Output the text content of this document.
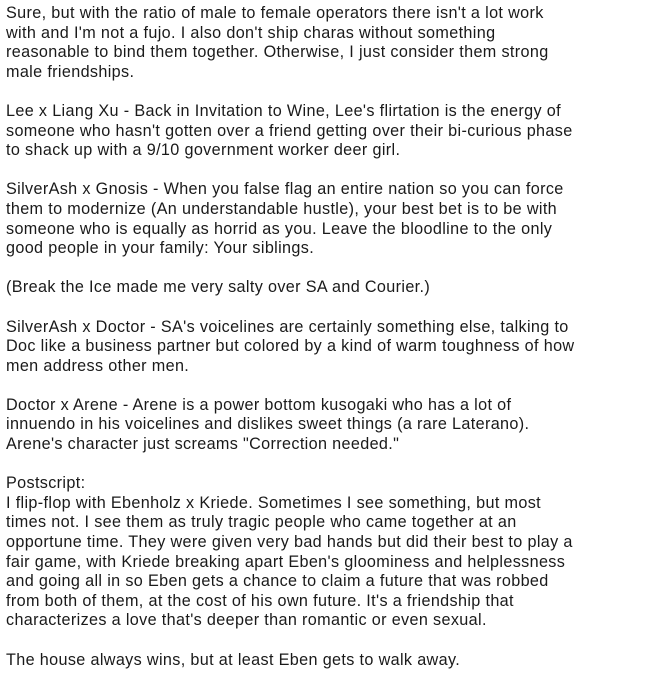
Sure, but with the ratio of male to female operators there isn't a lot work
with and I'm not a fujo. I also don't ship charas without something
reasonable to bind them together. Otherwise, I just consider them strong
male friendships.

Lee x Liang Xu - Back in Invitation to Wine, Lee's flirtation is the energy of
someone who hasn't gotten over a friend getting over their bi-curious phase
to shack up with a 9/10 government worker deer girl.

SilverAsh x Gnosis - When you false flag an entire nation so you can force
them to modernize (An understandable hustle), your best bet is to be with
someone who is equally as horrid as you. Leave the bloodline to the only
good people in your family: Your siblings.

(Break the Ice made me very salty over SA and Courier.)

SilverAsh x Doctor - SA's voicelines are certainly something else, talking to
Doc like a business partner but colored by a kind of warm toughness of how
men address other men.

Doctor x Arene - Arene is a power bottom kusogaki who has a lot of
innuendo in his voicelines and dislikes sweet things (a rare Laterano).
Arene's character just screams "Correction needed."

Postscript:
I flip-flop with Ebenholz x Kriede. Sometimes I see something, but most
times not. I see them as truly tragic people who came together at an
opportune time. They were given very bad hands but did their best to play a
fair game, with Kriede breaking apart Eben's gloominess and helplessness
and going all in so Eben gets a chance to claim a future that was robbed
from both of them, at the cost of his own future. It's a friendship that
characterizes a love that's deeper than romantic or even sexual.

The house always wins, but at least Eben gets to walk away.
